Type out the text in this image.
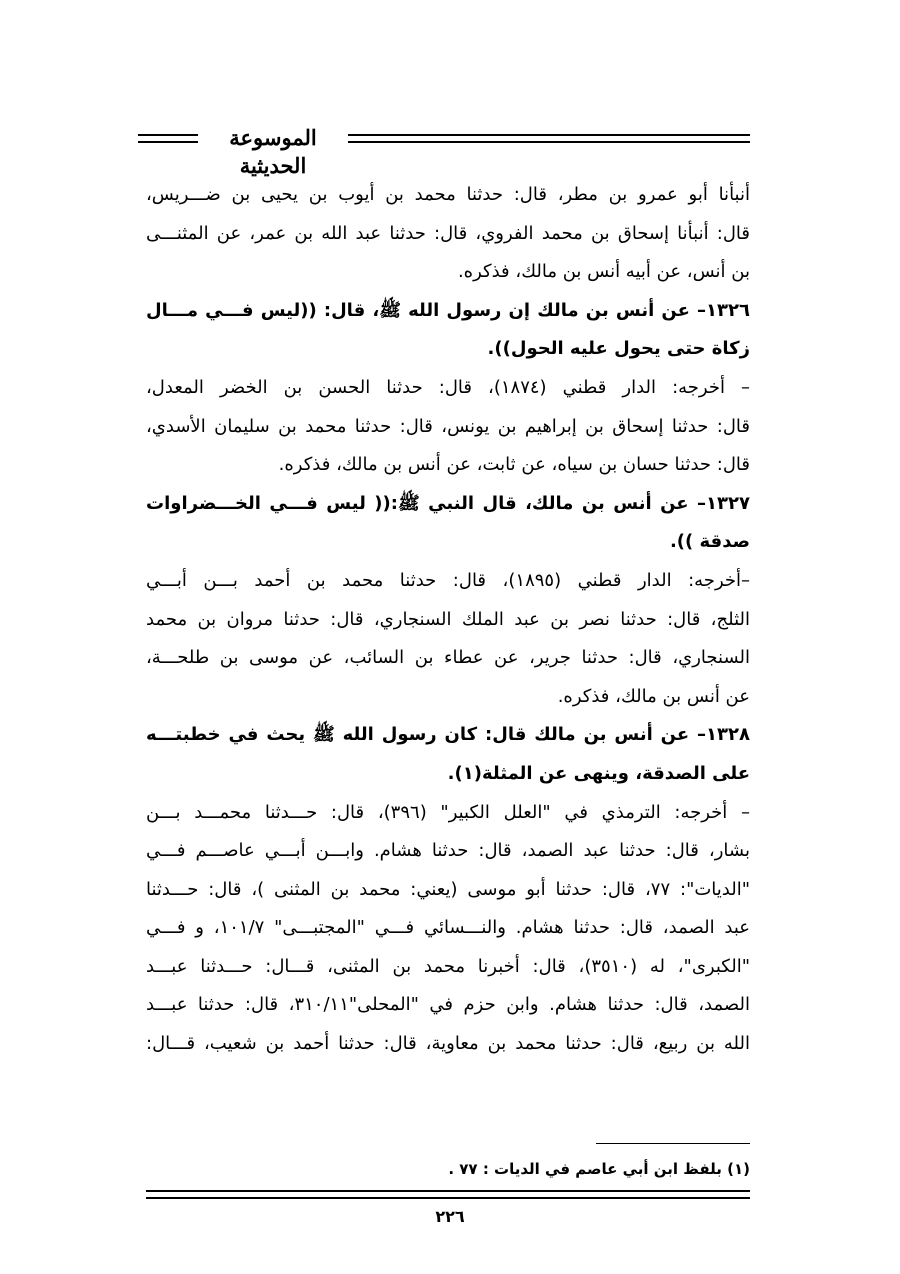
الموسوعة الحديثية
أنبأنا أبو عمرو بن مطر، قال: حدثنا محمد بن أيوب بن يحيى بن ضـــريس،
قال: أنبأنا إسحاق بن محمد الفروي، قال: حدثنا عبد الله بن عمر، عن المثنـــى
بن أنس، عن أبيه أنس بن مالك، فذكره.
١٣٢٦– عن أنس بن مالك إن رسول الله ﷺ، قال: ((ليس فـــي مـــال
زكاة حتى يحول عليه الحول)).
– أخرجه: الدار قطني (١٨٧٤)، قال: حدثنا الحسن بن الخضر المعدل،
قال: حدثنا إسحاق بن إبراهيم بن يونس، قال: حدثنا محمد بن سليمان الأسدي،
قال: حدثنا حسان بن سياه، عن ثابت، عن أنس بن مالك، فذكره.
١٣٢٧– عن أنس بن مالك، قال النبي ﷺ:(( ليس فـــي الخـــضراوات
صدقة )).
–أخرجه: الدار قطني (١٨٩٥)، قال: حدثنا محمد بن أحمد بـــن أبـــي
الثلج، قال: حدثنا نصر بن عبد الملك السنجاري، قال: حدثنا مروان بن محمد
السنجاري، قال: حدثنا جرير، عن عطاء بن السائب، عن موسى بن طلحـــة،
عن أنس بن مالك، فذكره.
١٣٢٨– عن أنس بن مالك قال: كان رسول الله ﷺ يحث في خطبتـــه
على الصدقة، وينهى عن المثلة(١).
– أخرجه: الترمذي في "العلل الكبير" (٣٩٦)، قال: حـــدثنا محمـــد بـــن
بشار، قال: حدثنا عبد الصمد، قال: حدثنا هشام. وابـــن أبـــي عاصـــم فـــي
"الديات": ٧٧، قال: حدثنا أبو موسى (يعني: محمد بن المثنى )، قال: حـــدثنا
عبد الصمد، قال: حدثنا هشام. والنـــسائي فـــي "المجتبـــى" ١٠١/٧، و فـــي
"الكبرى"، له (٣٥١٠)، قال: أخبرنا محمد بن المثنى، قـــال: حـــدثنا عبـــد
الصمد، قال: حدثنا هشام. وابن حزم في "المحلى"٣١٠/١١، قال: حدثنا عبـــد
الله بن ربيع، قال: حدثنا محمد بن معاوية، قال: حدثنا أحمد بن شعيب، قـــال:
(١) بلفظ ابن أبي عاصم في الديات : ٧٧ .
٢٢٦
